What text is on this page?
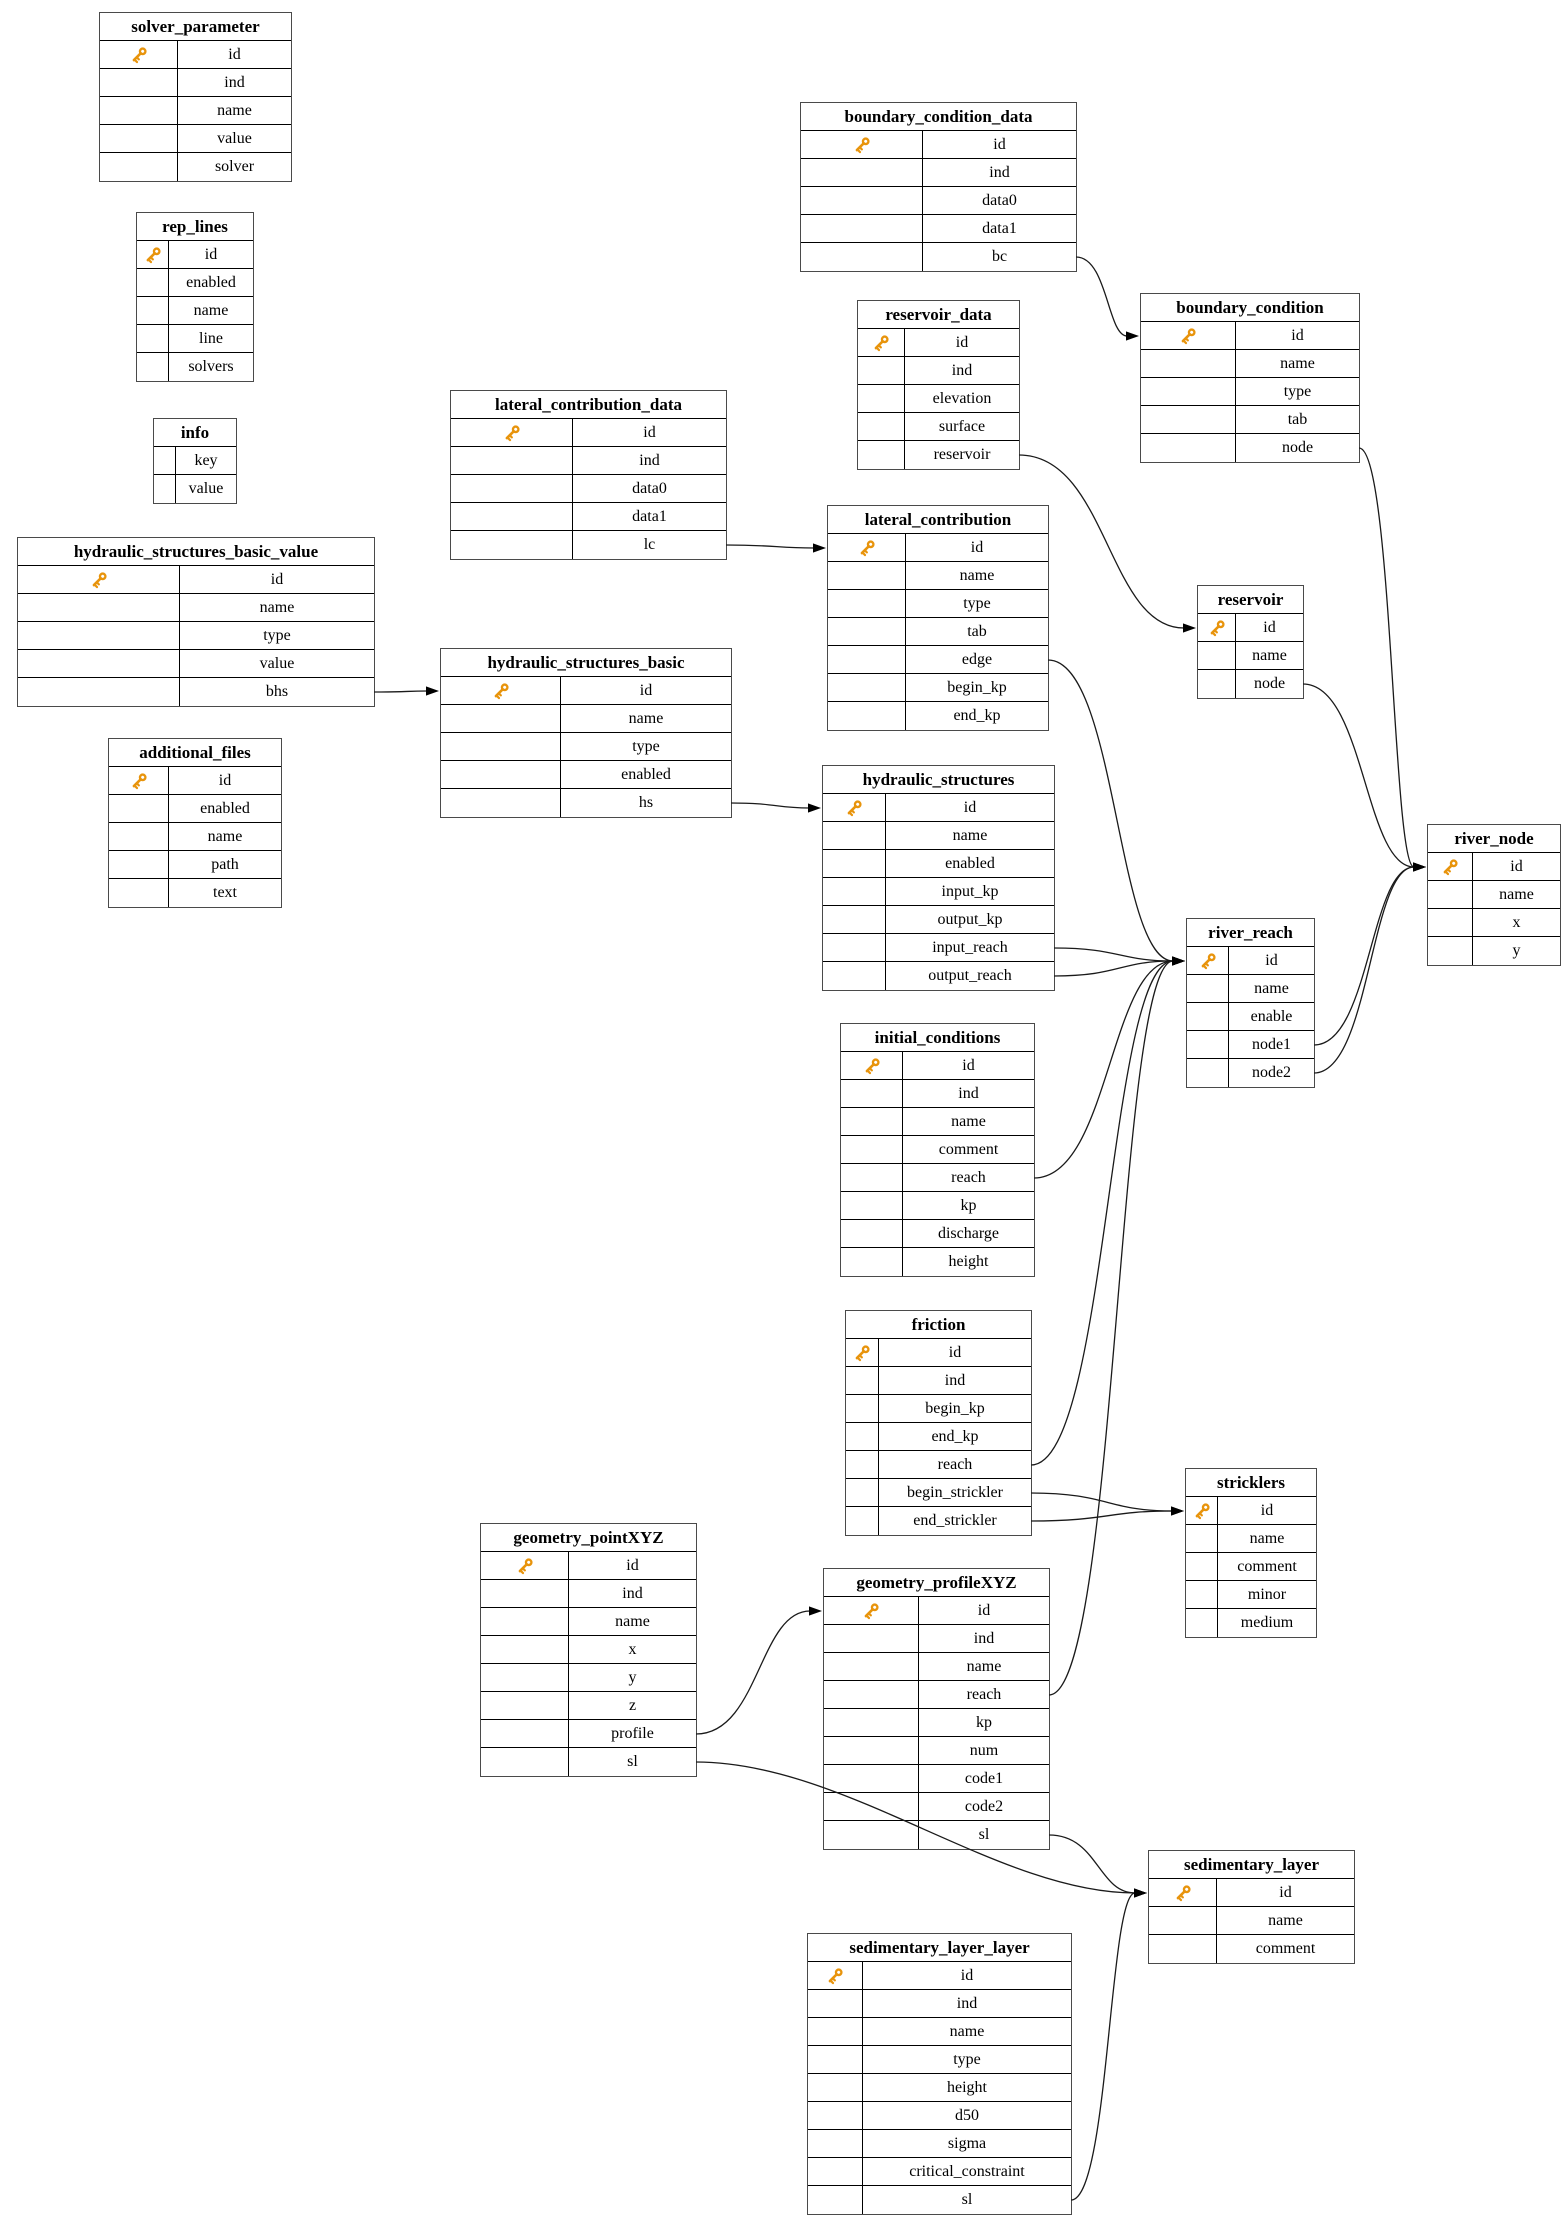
solver_parameter
id
ind
name
value
solver
rep_lines
id
enabled
name
line
solvers
info
key
value
hydraulic_structures_basic_value
id
name
type
value
bhs
additional_files
id
enabled
name
path
text
lateral_contribution_data
id
ind
data0
data1
lc
hydraulic_structures_basic
id
name
type
enabled
hs
boundary_condition_data
id
ind
data0
data1
bc
reservoir_data
id
ind
elevation
surface
reservoir
boundary_condition
id
name
type
tab
node
reservoir
id
name
node
lateral_contribution
id
name
type
tab
edge
begin_kp
end_kp
hydraulic_structures
id
name
enabled
input_kp
output_kp
input_reach
output_reach
river_reach
id
name
enable
node1
node2
river_node
id
name
x
y
initial_conditions
id
ind
name
comment
reach
kp
discharge
height
friction
id
ind
begin_kp
end_kp
reach
begin_strickler
end_strickler
stricklers
id
name
comment
minor
medium
geometry_pointXYZ
id
ind
name
x
y
z
profile
sl
geometry_profileXYZ
id
ind
name
reach
kp
num
code1
code2
sl
sedimentary_layer
id
name
comment
sedimentary_layer_layer
id
ind
name
type
height
d50
sigma
critical_constraint
sl
